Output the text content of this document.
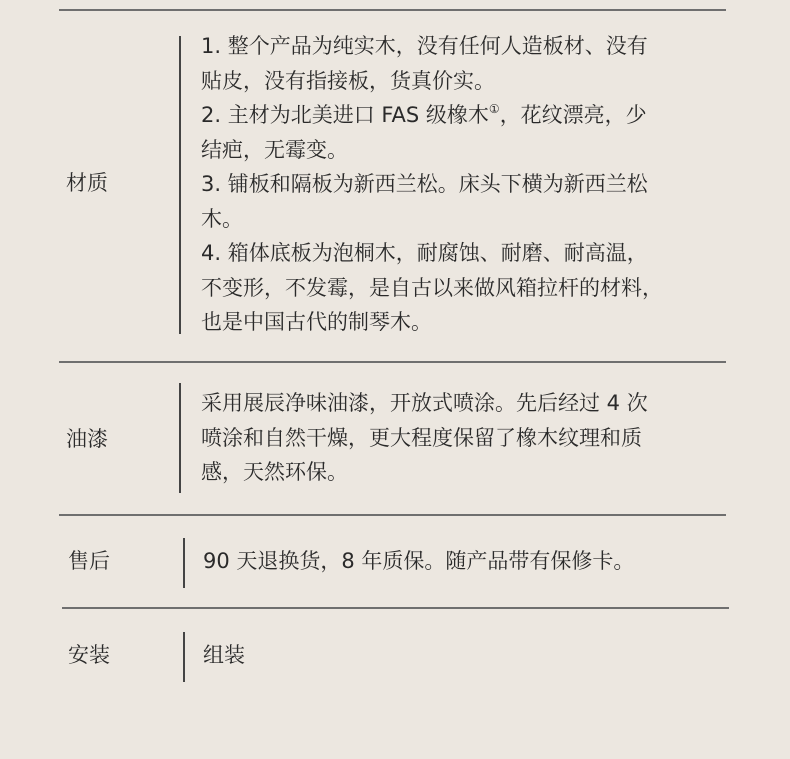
材质
1. 整个产品为纯实木，没有任何人造板材、没有
贴皮，没有指接板，货真价实。
2. 主材为北美进口 FAS 级橡木①，花纹漂亮，少
结疤，无霉变。
3. 铺板和隔板为新西兰松。床头下横为新西兰松
木。
4. 箱体底板为泡桐木，耐腐蚀、耐磨、耐高温，
不变形，不发霉，是自古以来做风箱拉杆的材料，
也是中国古代的制琴木。
油漆
采用展辰净味油漆，开放式喷涂。先后经过 4 次
喷涂和自然干燥，更大程度保留了橡木纹理和质
感，天然环保。
售后	90 天退换货，8 年质保。随产品带有保修卡。
安装	组装
